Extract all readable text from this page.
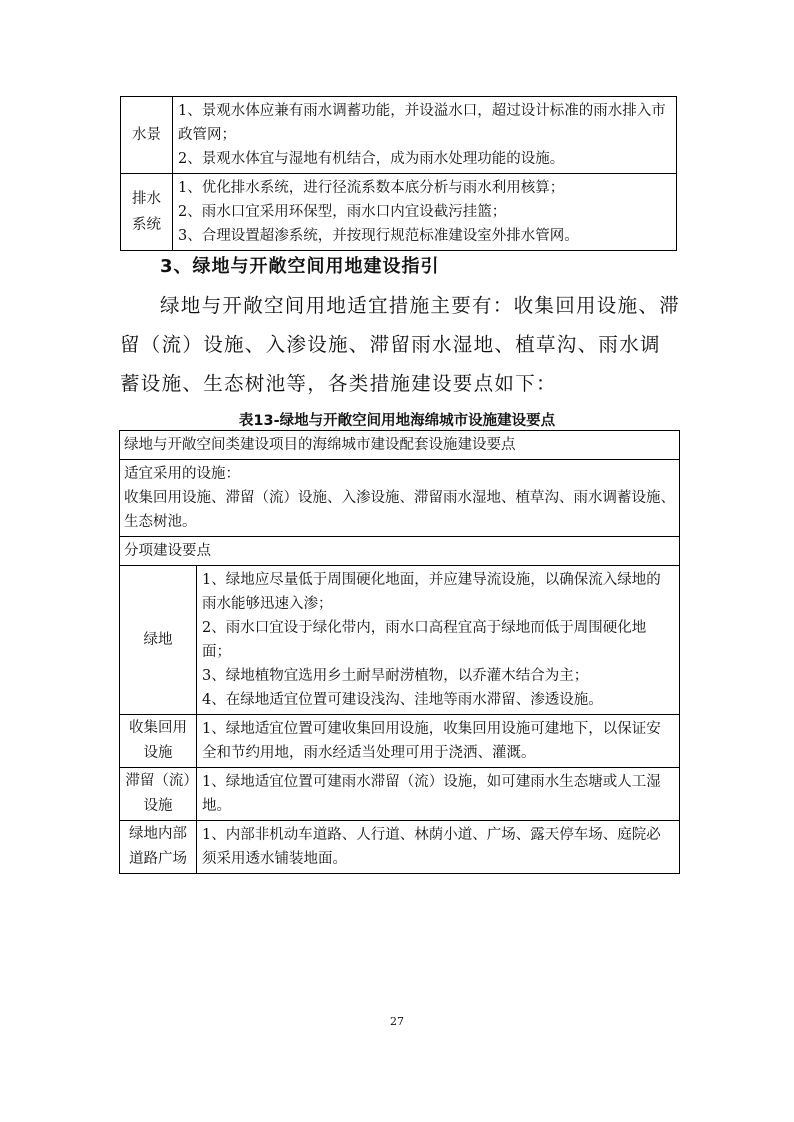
水景	1、景观水体应兼有雨水调蓄功能，并设溢水口，超过设计标准的雨水排入市政管网；
2、景观水体宜与湿地有机结合，成为雨水处理功能的设施。

排水系统	1、优化排水系统，进行径流系数本底分析与雨水利用核算；
2、雨水口宜采用环保型，雨水口内宜设截污挂篮；
3、合理设置超渗系统，并按现行规范标准建设室外排水管网。
3、绿地与开敞空间用地建设指引

绿地与开敞空间用地适宜措施主要有：收集回用设施、滞留（流）设施、入渗设施、滞留雨水湿地、植草沟、雨水调蓄设施、生态树池等，各类措施建设要点如下：

表13-绿地与开敞空间用地海绵城市设施建设要点

绿地与开敞空间类建设项目的海绵城市建设配套设施建设要点	

适宜采用的设施：
收集回用设施、滞留（流）设施、入渗设施、滞留雨水湿地、植草沟、雨水调蓄设施、生态树池。	

分项建设要点	
绿地	1、绿地应尽量低于周围硬化地面，并应建导流设施，以确保流入绿地的雨水能够迅速入渗；
2、雨水口宜设于绿化带内，雨水口高程宜高于绿地而低于周围硬化地面；
3、绿地植物宜选用乡土耐旱耐涝植物，以乔灌木结合为主；
4、在绿地适宜位置可建设浅沟、洼地等雨水滞留、渗透设施。

收集回用设施	1、绿地适宜位置可建收集回用设施，收集回用设施可建地下，以保证安全和节约用地，雨水经适当处理可用于浇洒、灌溉。

滞留（流）设施	1、绿地适宜位置可建雨水滞留（流）设施，如可建雨水生态塘或人工湿地。

绿地内部道路广场	1、内部非机动车道路、人行道、林荫小道、广场、露天停车场、庭院必须采用透水铺装地面。

27
